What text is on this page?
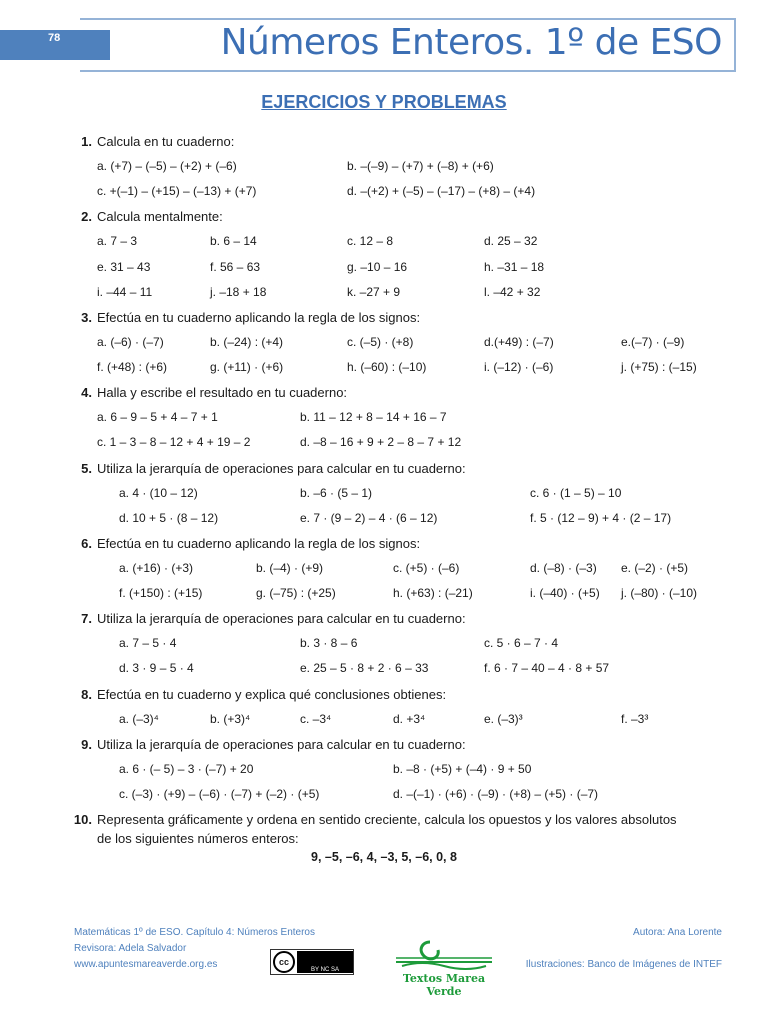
78	Números Enteros. 1º de ESO
EJERCICIOS Y PROBLEMAS
1. Calcula en tu cuaderno:
a. (+7) – (–5) – (+2) + (–6)	b. –(–9) – (+7) + (–8) + (+6)
c. +(–1) – (+15) – (–13) + (+7)	d. –(+2) + (–5) – (–17) – (+8) – (+4)
2. Calcula mentalmente:
a. 7 – 3	b. 6 – 14	c. 12 – 8	d. 25 – 32
e. 31 – 43	f. 56 – 63	g. –10 – 16	h. –31 – 18
i. –44 – 11	j. –18 + 18	k. –27 + 9	l. –42 + 32
3. Efectúa en tu cuaderno aplicando la regla de los signos:
a. (–6) · (–7)	b. (–24) : (+4)	c. (–5) · (+8)	d.(+49) : (–7)	e.(–7) · (–9)
f. (+48) : (+6)	g. (+11) · (+6)	h. (–60) : (–10)	i. (–12) · (–6)	j. (+75) : (–15)
4. Halla y escribe el resultado en tu cuaderno:
a. 6 – 9 – 5 + 4 – 7 + 1	b. 11 – 12 + 8 – 14 + 16 – 7
c. 1 – 3 – 8 – 12 + 4 + 19 – 2	d. –8 – 16 + 9 + 2 – 8 – 7 + 12
5. Utiliza la jerarquía de operaciones para calcular en tu cuaderno:
a. 4 · (10 – 12)	b. –6 · (5 – 1)	c. 6 · (1 – 5) – 10
d. 10 + 5 · (8 – 12)	e. 7 · (9 – 2) – 4 · (6 – 12)	f. 5 · (12 – 9) + 4 · (2 – 17)
6. Efectúa en tu cuaderno aplicando la regla de los signos:
a. (+16) · (+3)	b. (–4) · (+9)	c. (+5) · (–6)	d. (–8) · (–3) e. (–2) · (+5)
f. (+150) : (+15)	g. (–75) : (+25)	h. (+63) : (–21)	i. (–40) · (+5) j. (–80) · (–10)
7. Utiliza la jerarquía de operaciones para calcular en tu cuaderno:
a. 7 – 5 · 4	b. 3 · 8 – 6	c. 5 · 6 – 7 · 4
d. 3 · 9 – 5 · 4	e. 25 – 5 · 8 + 2 · 6 – 33	f. 6 · 7 – 40 – 4 · 8 + 57
8. Efectúa en tu cuaderno y explica qué conclusiones obtienes:
a. (–3)⁴	b. (+3)⁴	c. –3⁴	d. +3⁴	e. (–3)³	f. –3³
9. Utiliza la jerarquía de operaciones para calcular en tu cuaderno:
a. 6 · (– 5) – 3 · (–7) + 20	b. –8 · (+5) + (–4) · 9 + 50
c. (–3) · (+9) – (–6) · (–7) + (–2) · (+5)	d. –(–1) · (+6) · (–9) · (+8) – (+5) · (–7)
10. Representa gráficamente y ordena en sentido creciente, calcula los opuestos y los valores absolutos
de los siguientes números enteros:
9, –5, –6, 4, –3, 5, –6, 0, 8
Matemáticas 1º de ESO. Capítulo 4: Números Enteros
Revisora: Adela Salvador
www.apuntesmareaverde.org.es
Autora: Ana Lorente
Ilustraciones: Banco de Imágenes de INTEF
cc
BY
NC
SA
Textos Marea Verde
